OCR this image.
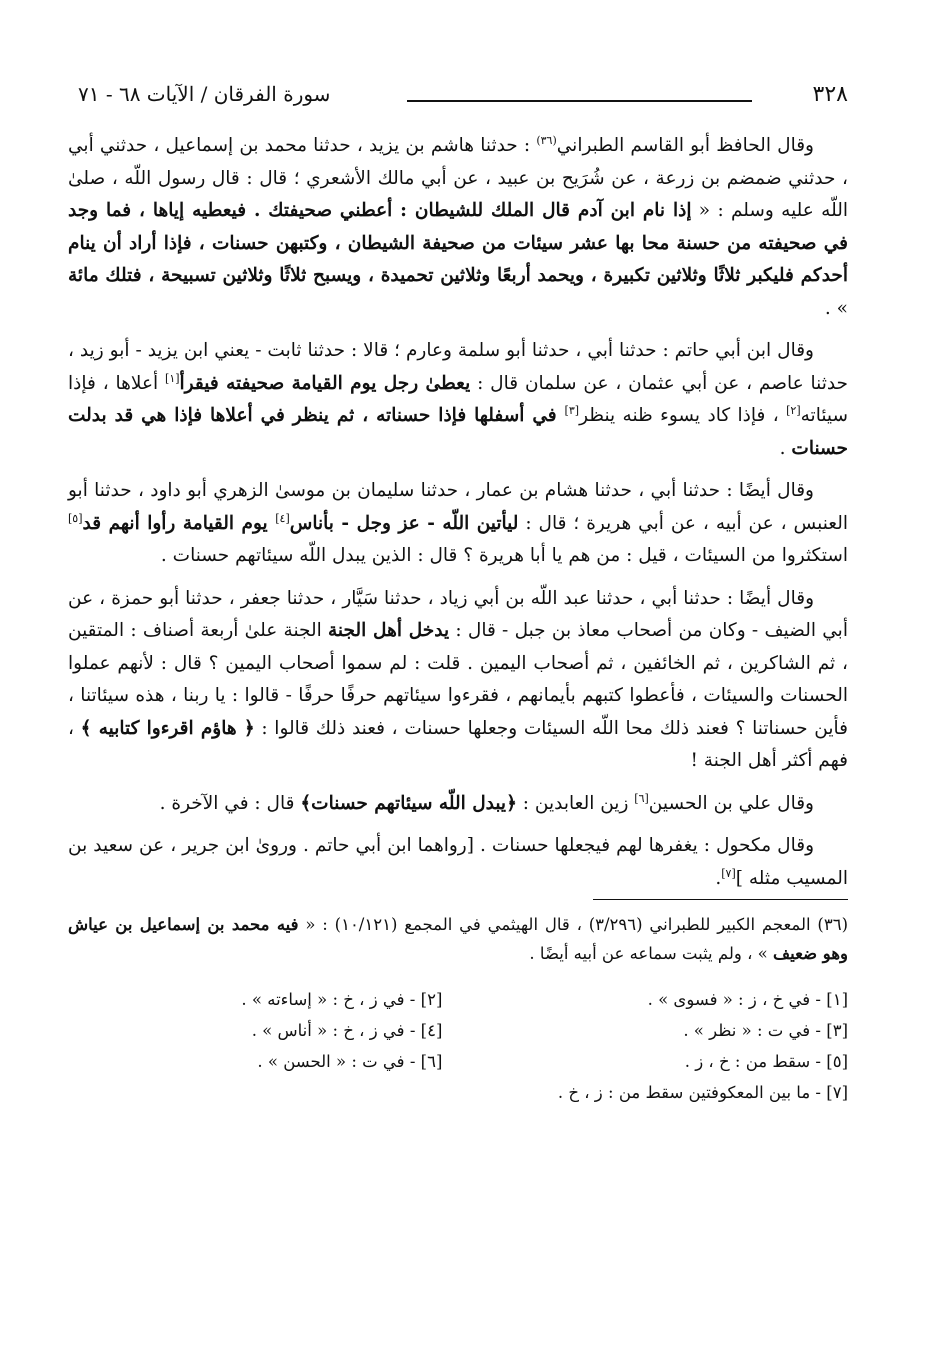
٣٢٨
سورة الفرقان / الآيات ٦٨ - ٧١

وقال الحافظ أبو القاسم الطبراني$^{(٣٦)}$ : حدثنا هاشم بن يزيد ، حدثنا محمد بن إسماعيل ، حدثني أبي ، حدثني ضمضم بن زرعة ، عن شُرَيح بن عبيد ، عن أبي مالك الأشعري ؛ قال : قال رسول اللّه ، صلىٰ اللّه عليه وسلم : « إذا نام ابن آدم قال الملك للشيطان : أعطني صحيفتك . فيعطيه إياها ، فما وجد في صحيفته من حسنة محا بها عشر سيئات من صحيفة الشيطان ، وكتبهن حسنات ، فإذا أراد أن ينام أحدكم فليكبر ثلاثًا وثلاثين تكبيرة ، ويحمد أربعًا وثلاثين تحميدة ، ويسبح ثلاثًا وثلاثين تسبيحة ، فتلك مائة » .

وقال ابن أبي حاتم : حدثنا أبي ، حدثنا أبو سلمة وعارم ؛ قالا : حدثنا ثابت - يعني ابن يزيد - أبو زيد ، حدثنا عاصم ، عن أبي عثمان ، عن سلمان قال : يعطىٰ رجل يوم القيامة صحيفته فيقرأ[١] أعلاها ، فإذا سيئاته[٢] ، فإذا كاد يسوء ظنه ينظر[٣] في أسفلها فإذا حسناته ، ثم ينظر في أعلاها فإذا هي قد بدلت حسنات .

وقال أيضًا : حدثنا أبي ، حدثنا هشام بن عمار ، حدثنا سليمان بن موسىٰ الزهري أبو داود ، حدثنا أبو العنبس ، عن أبيه ، عن أبي هريرة ؛ قال : ليأتين اللّه - عز وجل - بأناس[٤] يوم القيامة رأوا أنهم قد[٥] استكثروا من السيئات ، قيل : من هم يا أبا هريرة ؟ قال : الذين يبدل اللّه سيئاتهم حسنات .

وقال أيضًا : حدثنا أبي ، حدثنا عبد اللّه بن أبي زياد ، حدثنا سَيَّار ، حدثنا جعفر ، حدثنا أبو حمزة ، عن أبي الضيف - وكان من أصحاب معاذ بن جبل - قال : يدخل أهل الجنة الجنة علىٰ أربعة أصناف : المتقين ، ثم الشاكرين ، ثم الخائفين ، ثم أصحاب اليمين . قلت : لم سموا أصحاب اليمين ؟ قال : لأنهم عملوا الحسنات والسيئات ، فأعطوا كتبهم بأيمانهم ، فقرءوا سيئاتهم حرفًا حرفًا - قالوا : يا ربنا ، هذه سيئاتنا ، فأين حسناتنا ؟ فعند ذلك محا اللّه السيئات وجعلها حسنات ، فعند ذلك قالوا : ﴿ هاؤم اقرءوا كتابيه ﴾ ، فهم أكثر أهل الجنة !

وقال علي بن الحسين[٦] زين العابدين : ﴿يبدل اللّه سيئاتهم حسنات﴾ قال : في الآخرة .

وقال مكحول : يغفرها لهم فيجعلها حسنات . [رواهما ابن أبي حاتم . وروىٰ ابن جرير ، عن سعيد بن المسيب مثله ][٧].

(٣٦) المعجم الكبير للطبراني (٣/٢٩٦) ، قال الهيثمي في المجمع (١٠/١٢١) : « فيه محمد بن إسماعيل بن عياش وهو ضعيف » ، ولم يثبت سماعه عن أبيه أيضًا .

[١] - في خ ، ز : « فسوى » .
[٢] - في ز ، خ : « إساءته » .
[٣] - في ت : « نظر » .
[٤] - في ز ، خ : « أناس » .
[٥] - سقط من : خ ، ز .
[٦] - في ت : « الحسن » .
[٧] - ما بين المعكوفتين سقط من : ز ، خ .
